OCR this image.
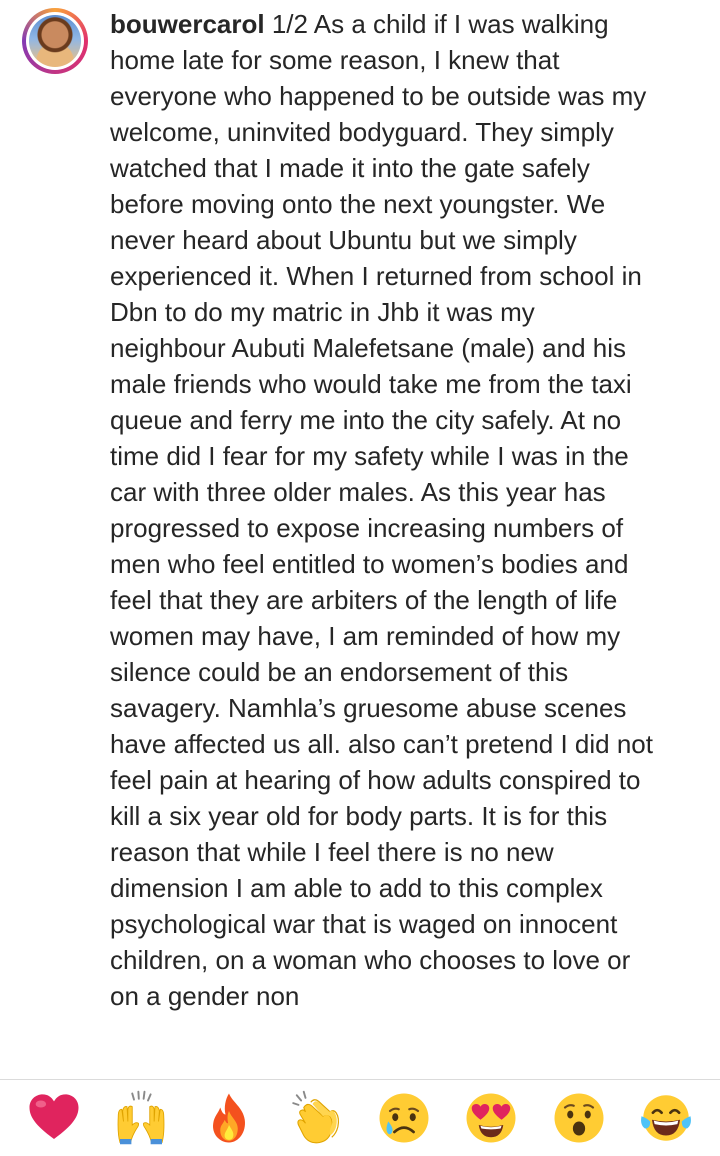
bouwercarol 1/2 As a child if I was walking home late for some reason, I knew that everyone who happened to be outside was my welcome, uninvited bodyguard. They simply watched that I made it into the gate safely before moving onto the next youngster. We never heard about Ubuntu but we simply experienced it. When I returned from school in Dbn to do my matric in Jhb it was my neighbour Aubuti Malefetsane (male) and his male friends who would take me from the taxi queue and ferry me into the city safely. At no time did I fear for my safety while I was in the car with three older males. As this year has progressed to expose increasing numbers of men who feel entitled to women’s bodies and feel that they are arbiters of the length of life women may have, I am reminded of how my silence could be an endorsement of this savagery. Namhla’s gruesome abuse scenes have affected us all. also can’t pretend I did not feel pain at hearing of how adults conspired to kill a six year old for body parts. It is for this reason that while I feel there is no new dimension I am able to add to this complex psychological war that is waged on innocent children, on a woman who chooses to love or on a gender non
